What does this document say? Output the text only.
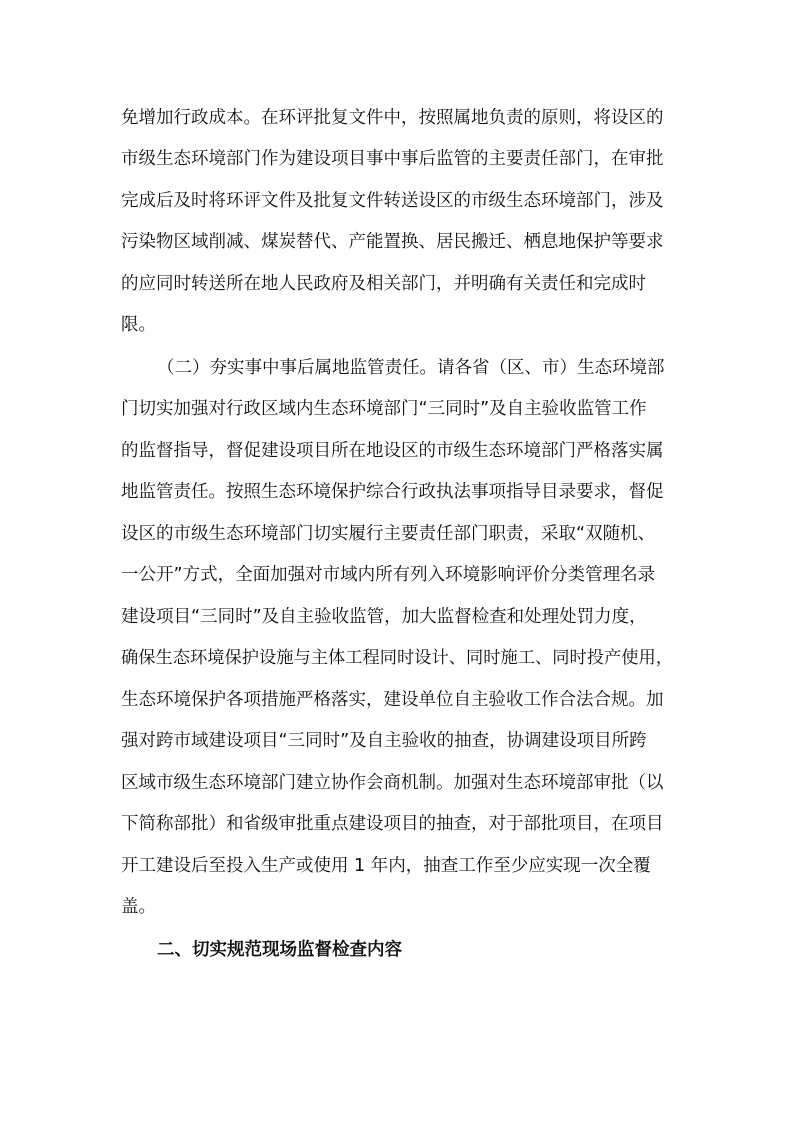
免增加行政成本。在环评批复文件中，按照属地负责的原则，将设区的
市级生态环境部门作为建设项目事中事后监管的主要责任部门，在审批
完成后及时将环评文件及批复文件转送设区的市级生态环境部门，涉及
污染物区域削减、煤炭替代、产能置换、居民搬迁、栖息地保护等要求
的应同时转送所在地人民政府及相关部门，并明确有关责任和完成时
限。
（二）夯实事中事后属地监管责任。请各省（区、市）生态环境部
门切实加强对行政区域内生态环境部门“三同时”及自主验收监管工作
的监督指导，督促建设项目所在地设区的市级生态环境部门严格落实属
地监管责任。按照生态环境保护综合行政执法事项指导目录要求，督促
设区的市级生态环境部门切实履行主要责任部门职责，采取“双随机、
一公开”方式，全面加强对市域内所有列入环境影响评价分类管理名录
建设项目“三同时”及自主验收监管，加大监督检查和处理处罚力度，
确保生态环境保护设施与主体工程同时设计、同时施工、同时投产使用，
生态环境保护各项措施严格落实，建设单位自主验收工作合法合规。加
强对跨市域建设项目“三同时”及自主验收的抽查，协调建设项目所跨
区域市级生态环境部门建立协作会商机制。加强对生态环境部审批（以
下简称部批）和省级审批重点建设项目的抽查，对于部批项目，在项目
开工建设后至投入生产或使用 1 年内，抽查工作至少应实现一次全覆
盖。
二、切实规范现场监督检查内容
